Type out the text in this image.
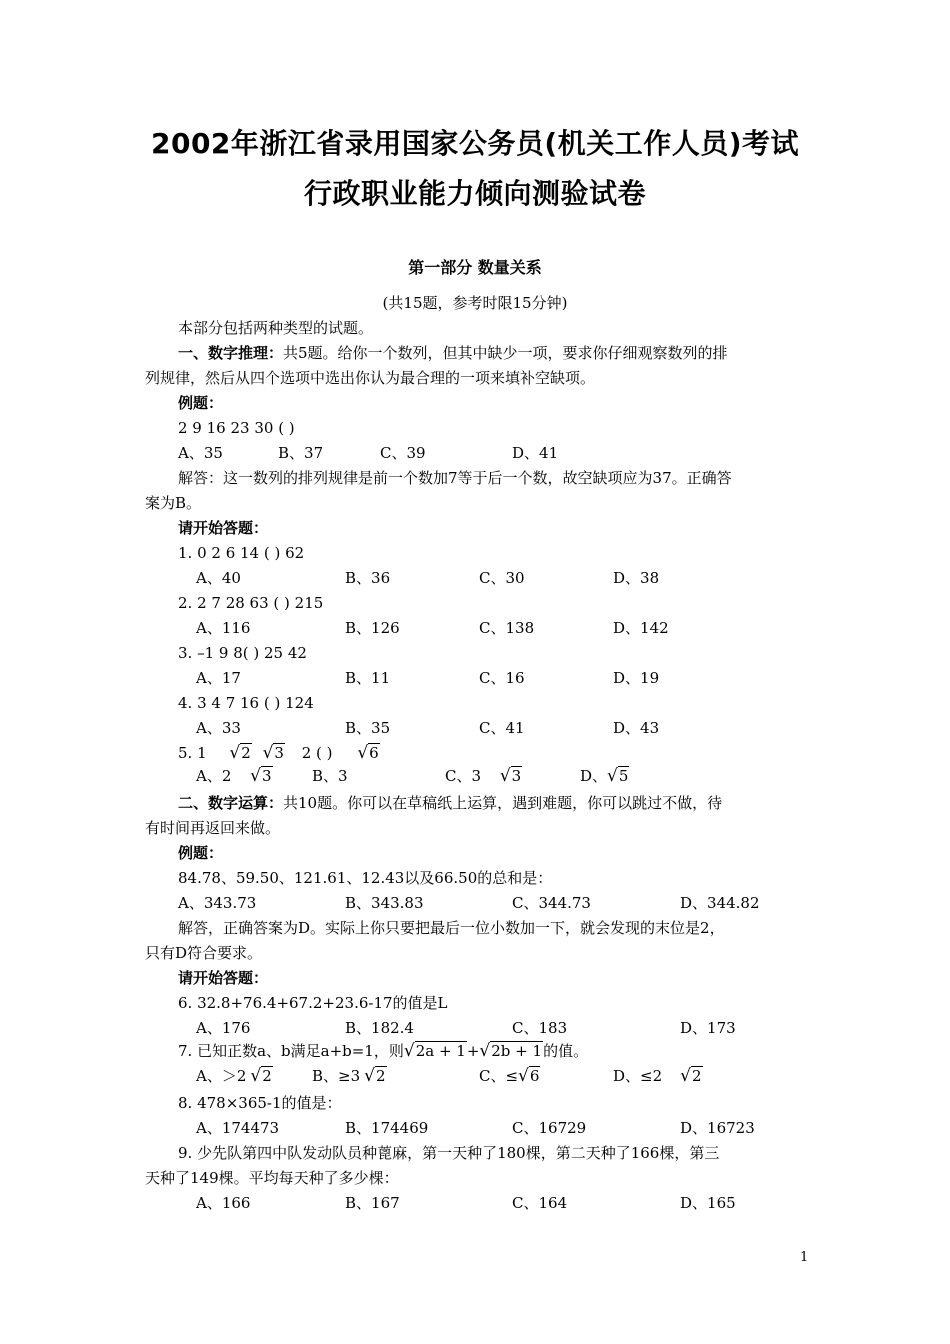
2002年浙江省录用国家公务员(机关工作人员)考试
行政职业能力倾向测验试卷
第一部分 数量关系
(共15题，参考时限15分钟)
本部分包括两种类型的试题。
一、数字推理：共5题。给你一个数列，但其中缺少一项，要求你仔细观察数列的排
列规律，然后从四个选项中选出你认为最合理的一项来填补空缺项。
例题：
2 9 16 23 30 ( )
A、35	B、37	C、39	D、41
解答：这一数列的排列规律是前一个数加7等于后一个数，故空缺项应为37。正确答
案为B。
请开始答题：
1. 0 2 6 14 ( ) 62
A、40	B、36	C、30	D、38
2. 2 7 28 63 ( ) 215
A、116	B、126	C、138	D、142
3. –1 9 8( ) 25 42
A、17	B、11	C、16	D、19
4. 3 4 7 16 ( ) 124
A、33	B、35	C、41	D、43
5. 1 √2 √3 2 ( ) √6
A、2 √3	B、3	C、3 √3	D、√5
二、数字运算：共10题。你可以在草稿纸上运算，遇到难题，你可以跳过不做，待
有时间再返回来做。
例题：
84.78、59.50、121.61、12.43以及66.50的总和是：
A、343.73	B、343.83	C、344.73	D、344.82
解答，正确答案为D。实际上你只要把最后一位小数加一下，就会发现的末位是2，
只有D符合要求。
请开始答题：
6. 32.8+76.4+67.2+23.6-17的值是L
A、176	B、182.4	C、183	D、173
7. 已知正数a、b满足a+b=1，则√2a + 1+√2b + 1的值。
A、＞2 √2	B、≥3 √2	C、≤√6	D、≤2 √2
8. 478×365-1的值是：
A、174473	B、174469	C、16729	D、16723
9. 少先队第四中队发动队员种蓖麻，第一天种了180棵，第二天种了166棵，第三
天种了149棵。平均每天种了多少棵：
A、166	B、167	C、164	D、165
1
